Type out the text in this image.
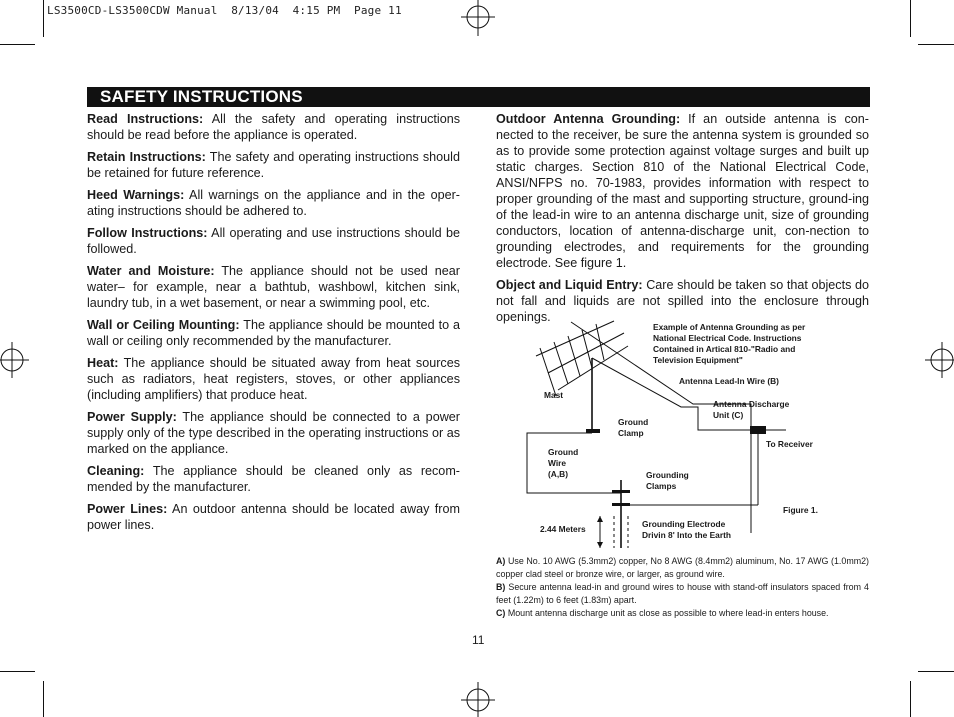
LS3500CD-LS3500CDW Manual  8/13/04  4:15 PM  Page 11
SAFETY INSTRUCTIONS

Read Instructions: All the safety and operating instructions should be read before the appliance is operated.

Retain Instructions: The safety and operating instructions should be retained for future reference.

Heed Warnings: All warnings on the appliance and in the oper-ating instructions should be adhered to.

Follow Instructions: All operating and use instructions should be followed.

Water and Moisture: The appliance should not be used near water– for example, near a bathtub, washbowl, kitchen sink, laundry tub, in a wet basement, or near a swimming pool, etc.

Wall or Ceiling Mounting: The appliance should be mounted to a wall or ceiling only recommended by the manufacturer.

Heat: The appliance should be situated away from heat sources such as radiators, heat registers, stoves, or other appliances (including amplifiers) that produce heat.

Power Supply: The appliance should be connected to a power supply only of the type described in the operating instructions or as marked on the appliance.

Cleaning: The appliance should be cleaned only as recom-mended by the manufacturer.

Power Lines: An outdoor antenna should be located away from power lines.

Outdoor Antenna Grounding: If an outside antenna is con-nected to the receiver, be sure the antenna system is grounded so as to provide some protection against voltage surges and built up static charges. Section 810 of the National Electrical Code, ANSI/NFPS no. 70-1983, provides information with respect to proper grounding of the mast and supporting structure, ground-ing of the lead-in wire to an antenna discharge unit, size of grounding conductors, location of antenna-discharge unit, con-nection to grounding electrodes, and requirements for the grounding electrode. See figure 1.

Object and Liquid Entry: Care should be taken so that objects do not fall and liquids are not spilled into the enclosure through openings.

Example of Antenna Grounding as per
National Electrical Code. Instructions
Contained in Artical 810-"Radio and
Television Equipment"
Antenna Lead-In Wire (B)
Mast
Antenna Discharge
Unit (C)
Ground
Clamp
To Receiver
Ground
Wire
(A,B)	Grounding
Clamps
Figure 1.
2.44 Meters	Grounding Electrode
Drivin 8' Into the Earth

A) Use No. 10 AWG (5.3mm2) copper, No 8 AWG (8.4mm2) aluminum, No. 17 AWG (1.0mm2) copper clad steel or bronze wire, or larger, as ground wire.

B) Secure antenna lead-in and ground wires to house with stand-off insulators spaced from 4 feet (1.22m) to 6 feet (1.83m) apart.

C) Mount antenna discharge unit as close as possible to where lead-in enters house.

11
